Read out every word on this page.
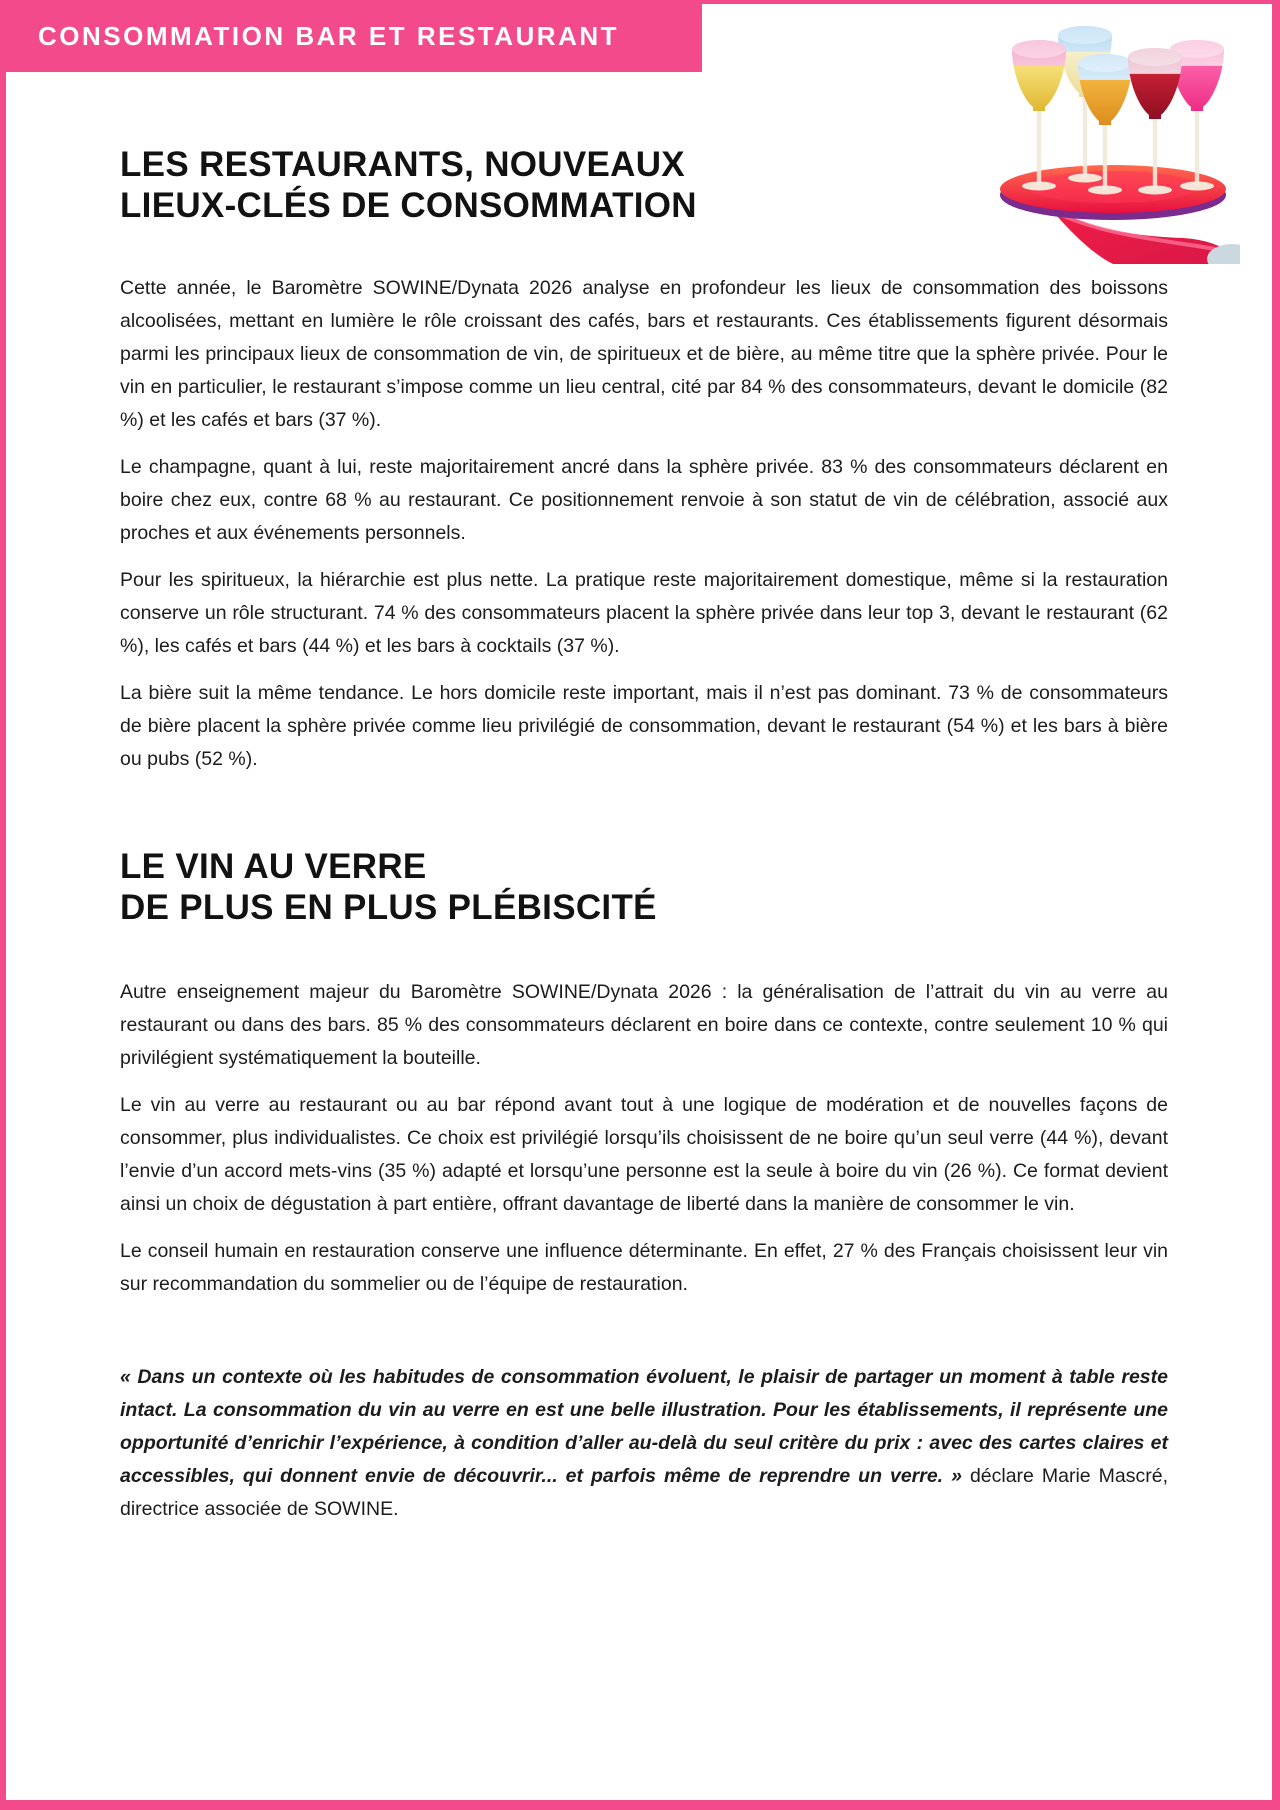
CONSOMMATION BAR ET RESTAURANT
LES RESTAURANTS, NOUVEAUX
LIEUX-CLÉS DE CONSOMMATION

Cette année, le Baromètre SOWINE/Dynata 2026 analyse en profondeur les lieux de consommation des boissons alcoolisées, mettant en lumière le rôle croissant des cafés, bars et restaurants. Ces établissements figurent désormais parmi les principaux lieux de consommation de vin, de spiritueux et de bière, au même titre que la sphère privée. Pour le vin en particulier, le restaurant s’impose comme un lieu central, cité par 84 % des consommateurs, devant le domicile (82 %) et les cafés et bars (37 %).

Le champagne, quant à lui, reste majoritairement ancré dans la sphère privée. 83 % des consommateurs déclarent en boire chez eux, contre 68 % au restaurant. Ce positionnement renvoie à son statut de vin de célébration, associé aux proches et aux événements personnels.

Pour les spiritueux, la hiérarchie est plus nette. La pratique reste majoritairement domestique, même si la restauration conserve un rôle structurant. 74 % des consommateurs placent la sphère privée dans leur top 3, devant le restaurant (62 %), les cafés et bars (44 %) et les bars à cocktails (37 %).

La bière suit la même tendance. Le hors domicile reste important, mais il n’est pas dominant. 73 % de consommateurs de bière placent la sphère privée comme lieu privilégié de consommation, devant le restaurant (54 %) et les bars à bière ou pubs (52 %).

LE VIN AU VERRE
DE PLUS EN PLUS PLÉBISCITÉ

Autre enseignement majeur du Baromètre SOWINE/Dynata 2026 : la généralisation de l’attrait du vin au verre au restaurant ou dans des bars. 85 % des consommateurs déclarent en boire dans ce contexte, contre seulement 10 % qui privilégient systématiquement la bouteille.

Le vin au verre au restaurant ou au bar répond avant tout à une logique de modération et de nouvelles façons de consommer, plus individualistes. Ce choix est privilégié lorsqu’ils choisissent de ne boire qu’un seul verre (44 %), devant l’envie d’un accord mets-vins (35 %) adapté et lorsqu’une personne est la seule à boire du vin (26 %). Ce format devient ainsi un choix de dégustation à part entière, offrant davantage de liberté dans la manière de consommer le vin.

Le conseil humain en restauration conserve une influence déterminante. En effet, 27 % des Français choisissent leur vin sur recommandation du sommelier ou de l’équipe de restauration.

« Dans un contexte où les habitudes de consommation évoluent, le plaisir de partager un moment à table reste intact. La consommation du vin au verre en est une belle illustration. Pour les établissements, il représente une opportunité d’enrichir l’expérience, à condition d’aller au-delà du seul critère du prix : avec des cartes claires et accessibles, qui donnent envie de découvrir... et parfois même de reprendre un verre. » déclare Marie Mascré, directrice associée de SOWINE.
